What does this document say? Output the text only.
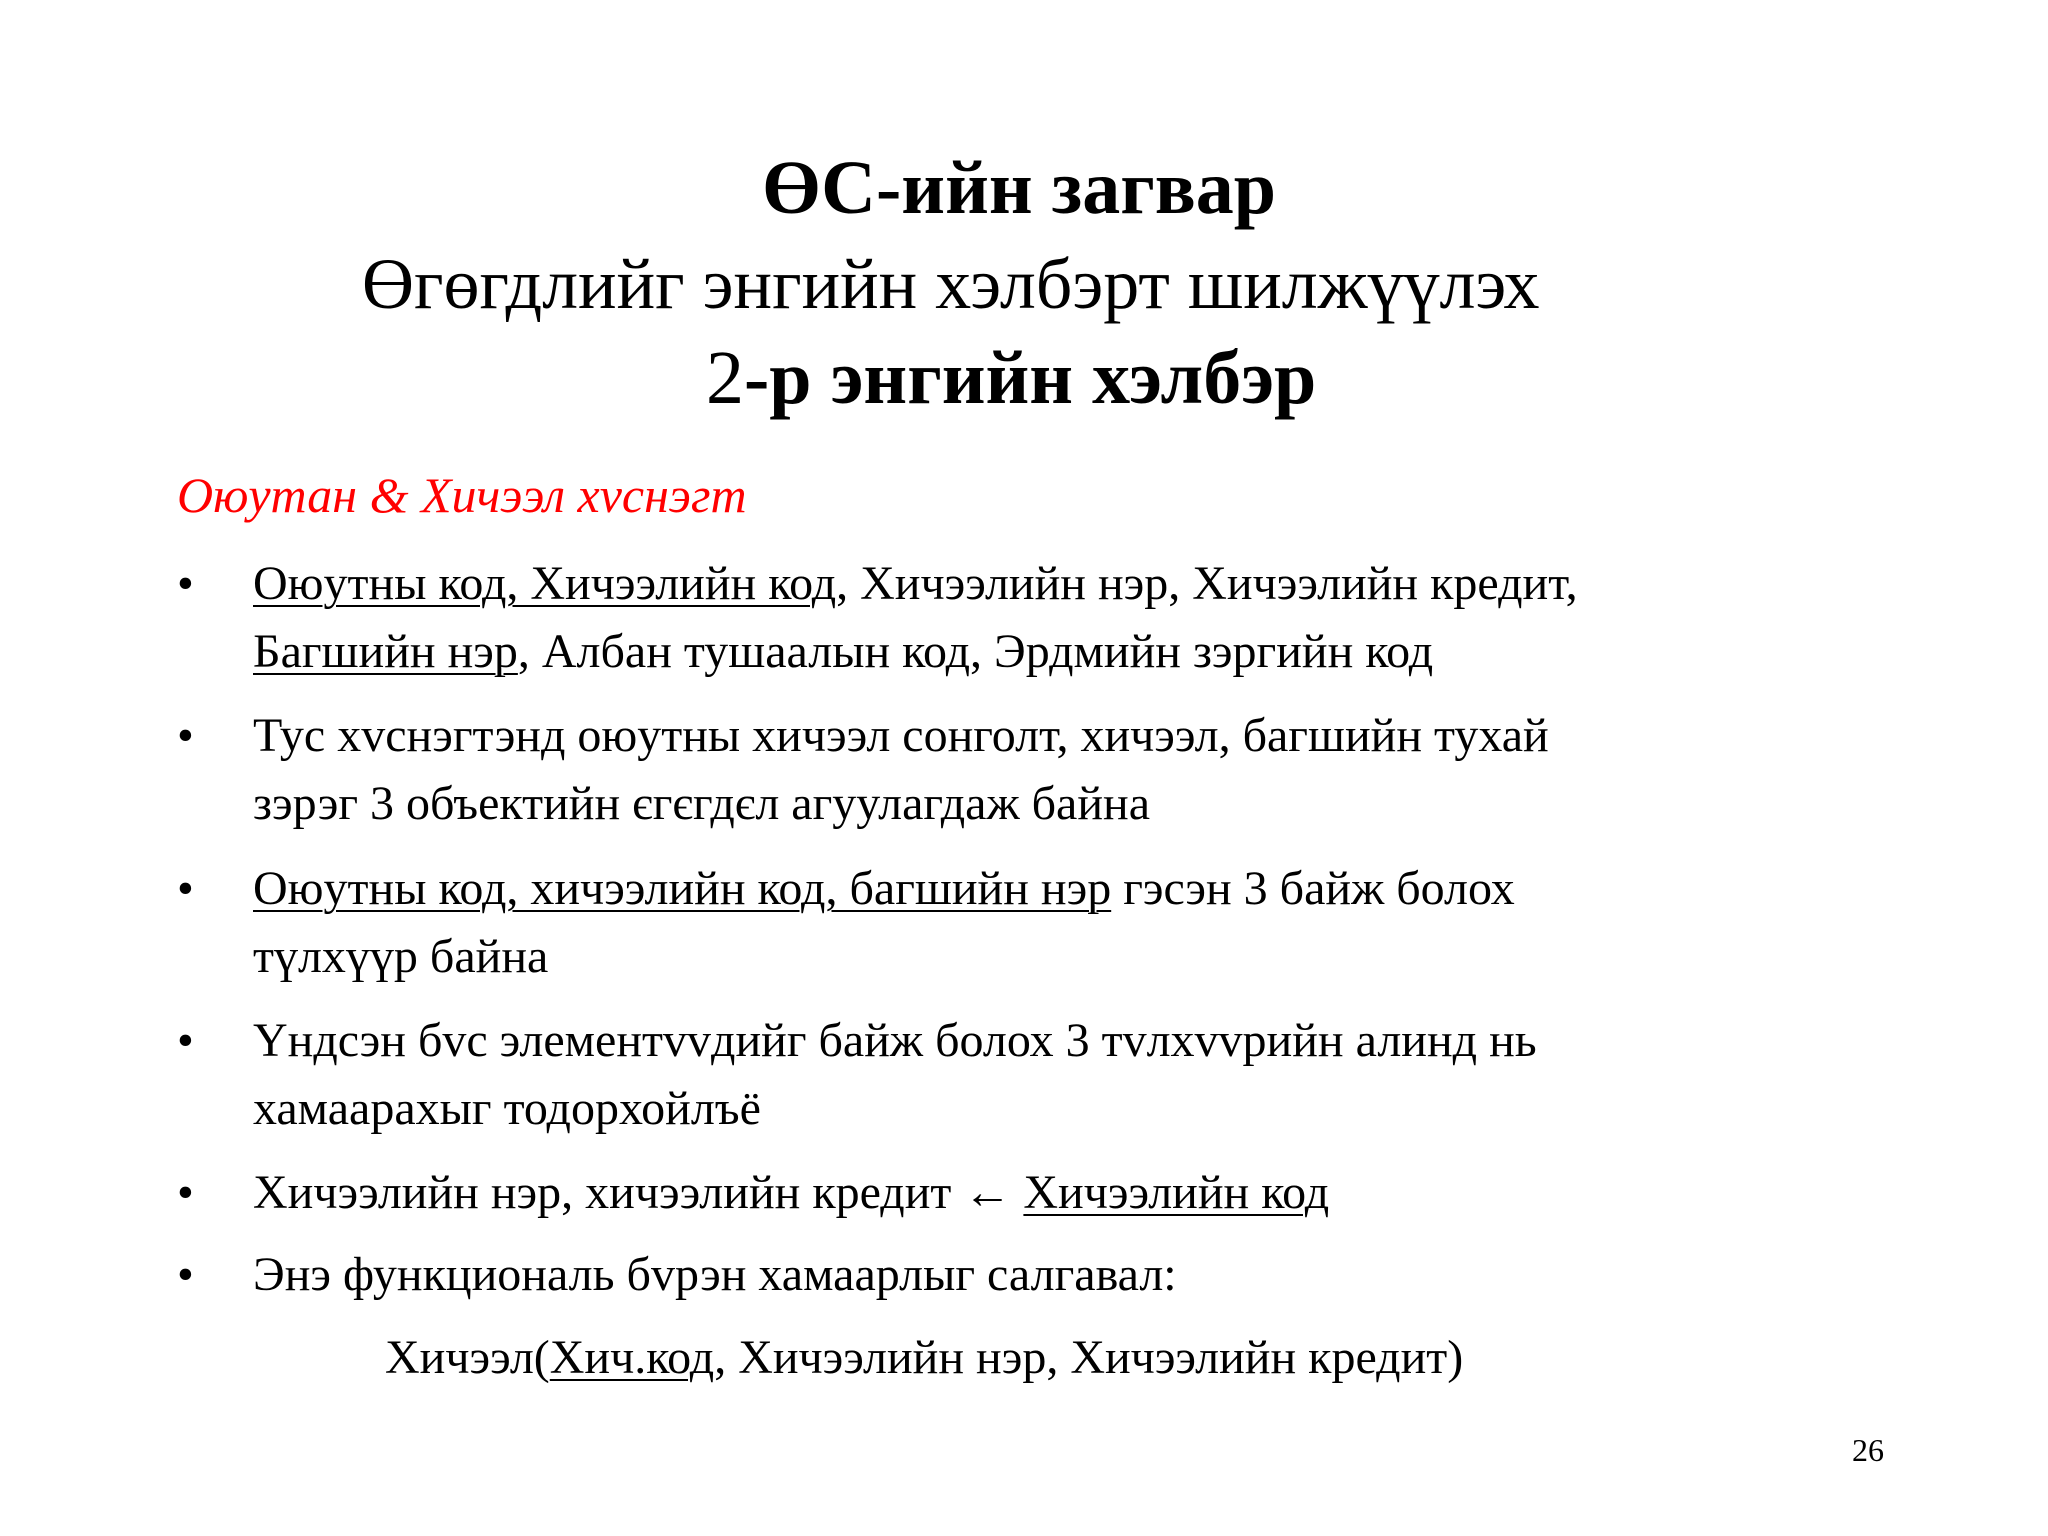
ӨС-ийн загвар
Өгөгдлийг энгийн хэлбэрт шилжүүлэх
2-р энгийн хэлбэр
Оюутан & Хичээл хvснэгт
•	Оюутны код, Хичээлийн код, Хичээлийн нэр, Хичээлийн кредит,
Багшийн нэр, Албан тушаалын код, Эрдмийн зэргийн код
•	Тус хvснэгтэнд оюутны хичээл сонголт, хичээл, багшийн тухай
зэрэг 3 объектийн єгєгдєл агуулагдаж байна
•	Оюутны код, хичээлийн код, багшийн нэр гэсэн 3 байж болох
түлхүүр байна
•	Үндсэн бvс элементvvдийг байж болох 3 тvлхvvрийн алинд нь
хамаарахыг тодорхойлъё
•	Хичээлийн нэр, хичээлийн кредит ← Хичээлийн код
•	Энэ функциональ бvрэн хамаарлыг салгавал:
Хичээл(Хич.код, Хичээлийн нэр, Хичээлийн кредит)
26
